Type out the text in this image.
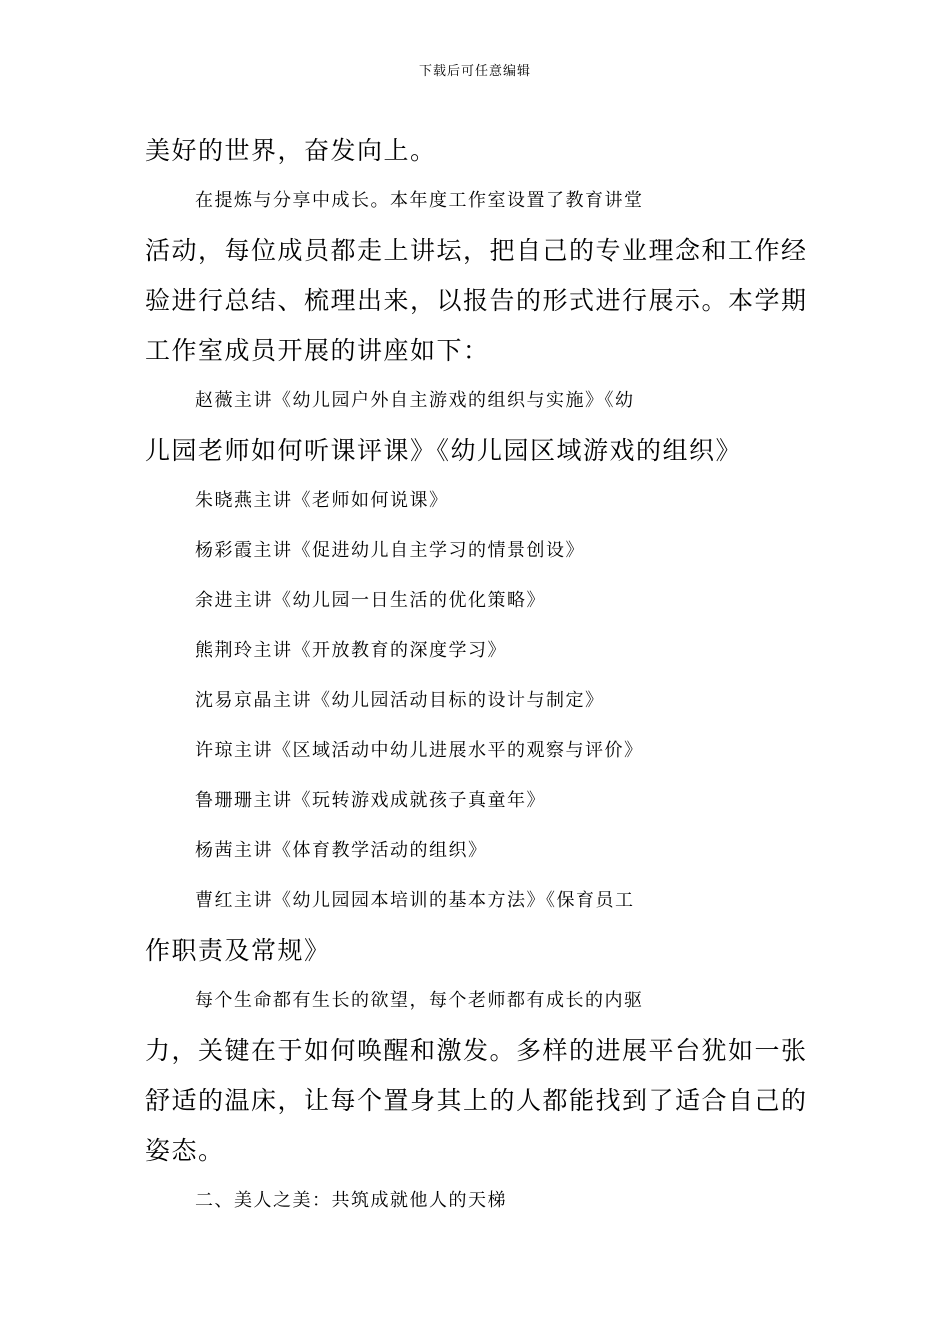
下载后可任意编辑

美好的世界，奋发向上。

在提炼与分享中成长。本年度工作室设置了教育讲堂
活动，每位成员都走上讲坛，把自己的专业理念和工作经
验进行总结、梳理出来，以报告的形式进行展示。本学期
工作室成员开展的讲座如下：

赵薇主讲《幼儿园户外自主游戏的组织与实施》《幼
儿园老师如何听课评课》《幼儿园区域游戏的组织》

朱晓燕主讲《老师如何说课》

杨彩霞主讲《促进幼儿自主学习的情景创设》

余进主讲《幼儿园一日生活的优化策略》

熊荆玲主讲《开放教育的深度学习》

沈易京晶主讲《幼儿园活动目标的设计与制定》

许琼主讲《区域活动中幼儿进展水平的观察与评价》

鲁珊珊主讲《玩转游戏成就孩子真童年》

杨茜主讲《体育教学活动的组织》

曹红主讲《幼儿园园本培训的基本方法》《保育员工
作职责及常规》

每个生命都有生长的欲望，每个老师都有成长的内驱
力，关键在于如何唤醒和激发。多样的进展平台犹如一张
舒适的温床，让每个置身其上的人都能找到了适合自己的
姿态。

二、美人之美：共筑成就他人的天梯
